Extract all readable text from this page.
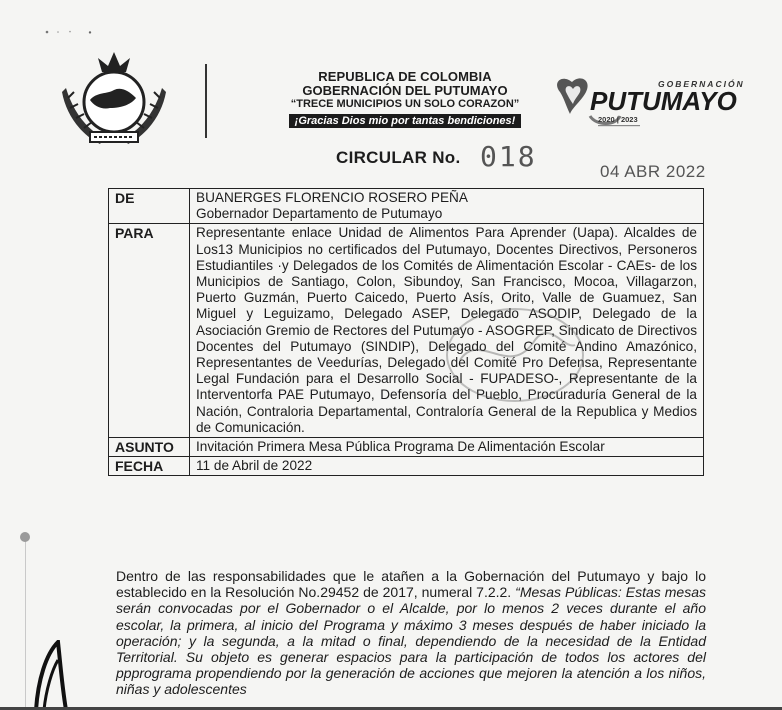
REPUBLICA DE COLOMBIA
GOBERNACIÓN DEL PUTUMAYO
“TRECE MUNICIPIOS UN SOLO CORAZON”
¡Gracias Dios mio por tantas bendiciones!
GOBERNACIÓN
PUTUMAYO
2020 | 2023
CIRCULAR No. 018	04 ABR 2022
DE	BUANERGES FLORENCIO ROSERO PEÑA
Gobernador Departamento de Putumayo

PARA	Representante enlace Unidad de Alimentos Para Aprender (Uapa). Alcaldes de Los13 Municipios no certificados del Putumayo, Docentes Directivos, Personeros Estudiantiles ·y Delegados de los Comités de Alimentación Escolar - CAEs- de los Municipios de Santiago, Colon, Sibundoy, San Francisco, Mocoa, Villagarzon, Puerto Guzmán, Puerto Caicedo, Puerto Asís, Orito, Valle de Guamuez, San Miguel y Leguizamo, Delegado ASEP, Delegado ASODIP, Delegado de la Asociación Gremio de Rectores del Putumayo - ASOGREP, Sindicato de Directivos Docentes del Putumayo (SINDIP), Delegado del Comité Andino Amazónico, Representantes de Veedurías, Delegado del Comité Pro Defensa, Representante Legal Fundación para el Desarrollo Social - FUPADESO-, Representante de la Interventorfa PAE Putumayo, Defensoría del Pueblo, Procuraduría General de la Nación, Contraloria Departamental, Contraloría General de la Republica y Medios de Comunicación.
ASUNTO	Invitación Primera Mesa Pública Programa De Alimentación Escolar
FECHA	11 de Abril de 2022
Dentro de las responsabilidades que le atañen a la Gobernación del Putumayo y bajo lo establecido en la Resolución No.29452 de 2017, numeral 7.2.2. “Mesas Públicas: Estas mesas serán convocadas por el Gobernador o el Alcalde, por lo menos 2 veces durante el año escolar, la primera, al inicio del Programa y máximo 3 meses después de haber iniciado la operación; y la segunda, a la mitad o final, dependiendo de la necesidad de la Entidad Territorial. Su objeto es generar espacios para la participación de todos los actores del ppprograma propendiendo por la generación de acciones que mejoren la atención a los niños, niñas y adolescentes
